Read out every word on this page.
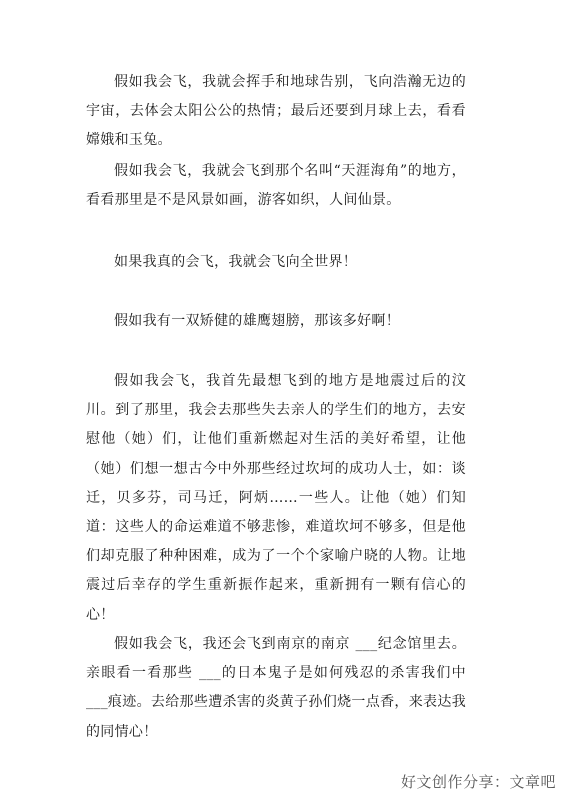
假如我会飞，我就会挥手和地球告别，飞向浩瀚无边的宇宙，去体会太阳公公的热情；最后还要到月球上去，看看嫦娥和玉兔。

假如我会飞，我就会飞到那个名叫“天涯海角”的地方，看看那里是不是风景如画，游客如织，人间仙景。

如果我真的会飞，我就会飞向全世界！

假如我有一双矫健的雄鹰翅膀，那该多好啊！

假如我会飞，我首先最想飞到的地方是地震过后的汶川。到了那里，我会去那些失去亲人的学生们的地方，去安慰他（她）们，让他们重新燃起对生活的美好希望，让他（她）们想一想古今中外那些经过坎坷的成功人士，如：谈迁，贝多芬，司马迁，阿炳……一些人。让他（她）们知道：这些人的命运难道不够悲惨，难道坎坷不够多，但是他们却克服了种种困难，成为了一个个家喻户晓的人物。让地震过后幸存的学生重新振作起来，重新拥有一颗有信心的心！

假如我会飞，我还会飞到南京的南京 ___纪念馆里去。亲眼看一看那些 ___的日本鬼子是如何残忍的杀害我们中 ___痕迹。去给那些遭杀害的炎黄子孙们烧一点香，来表达我的同情心！

好文创作分享：文章吧
